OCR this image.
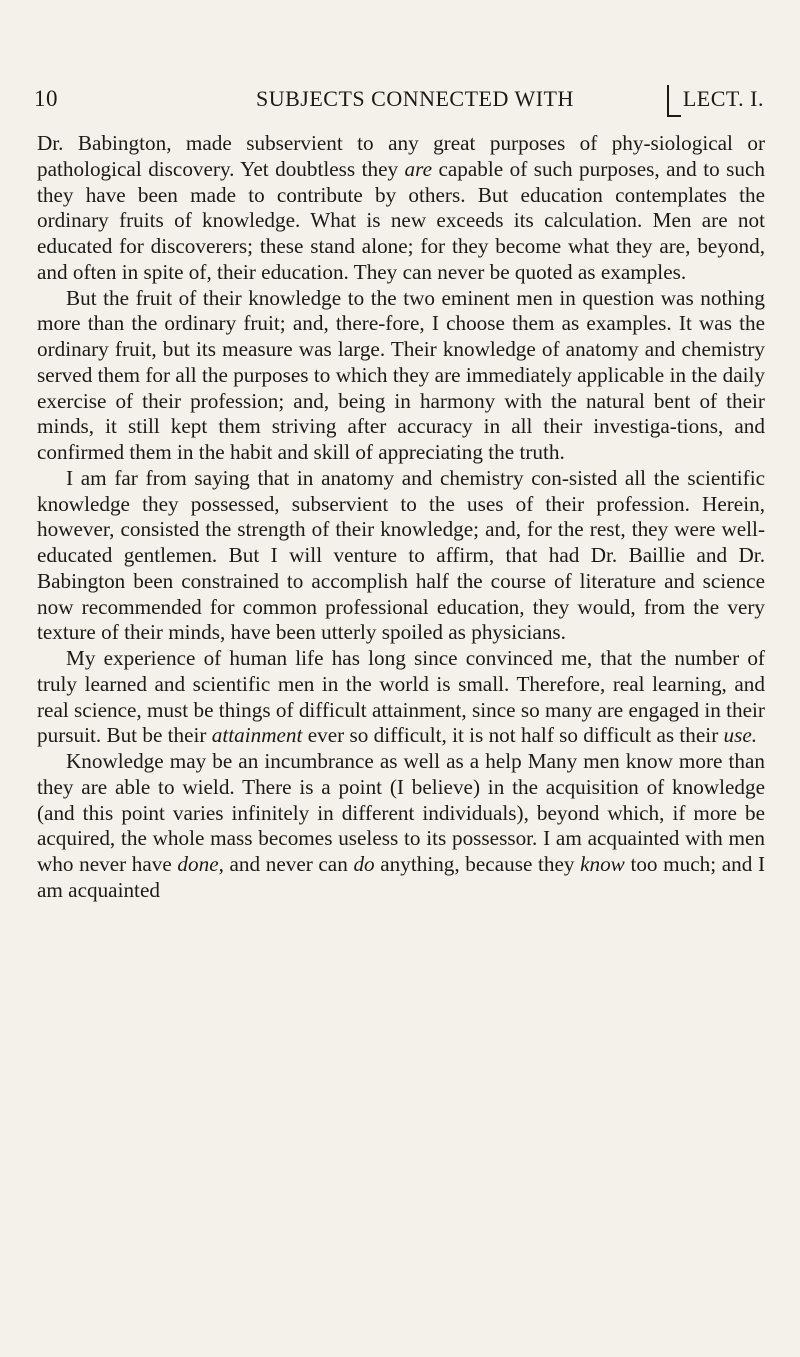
10	SUBJECTS CONNECTED WITH	LECT. I.

Dr. Babington, made subservient to any great purposes of phy-siological or pathological discovery. Yet doubtless they are capable of such purposes, and to such they have been made to contribute by others. But education contemplates the ordinary fruits of knowledge. What is new exceeds its calculation. Men are not educated for discoverers; these stand alone; for they become what they are, beyond, and often in spite of, their education. They can never be quoted as examples.

But the fruit of their knowledge to the two eminent men in question was nothing more than the ordinary fruit; and, there-fore, I choose them as examples. It was the ordinary fruit, but its measure was large. Their knowledge of anatomy and chemistry served them for all the purposes to which they are immediately applicable in the daily exercise of their profession; and, being in harmony with the natural bent of their minds, it still kept them striving after accuracy in all their investiga-tions, and confirmed them in the habit and skill of appreciating the truth.

I am far from saying that in anatomy and chemistry con-sisted all the scientific knowledge they possessed, subservient to the uses of their profession. Herein, however, consisted the strength of their knowledge; and, for the rest, they were well-educated gentlemen. But I will venture to affirm, that had Dr. Baillie and Dr. Babington been constrained to accomplish half the course of literature and science now recommended for common professional education, they would, from the very texture of their minds, have been utterly spoiled as physicians.

My experience of human life has long since convinced me, that the number of truly learned and scientific men in the world is small. Therefore, real learning, and real science, must be things of difficult attainment, since so many are engaged in their pursuit. But be their attainment ever so difficult, it is not half so difficult as their use.

Knowledge may be an incumbrance as well as a help Many men know more than they are able to wield. There is a point (I believe) in the acquisition of knowledge (and this point varies infinitely in different individuals), beyond which, if more be acquired, the whole mass becomes useless to its possessor. I am acquainted with men who never have done, and never can do anything, because they know too much; and I am acquainted
